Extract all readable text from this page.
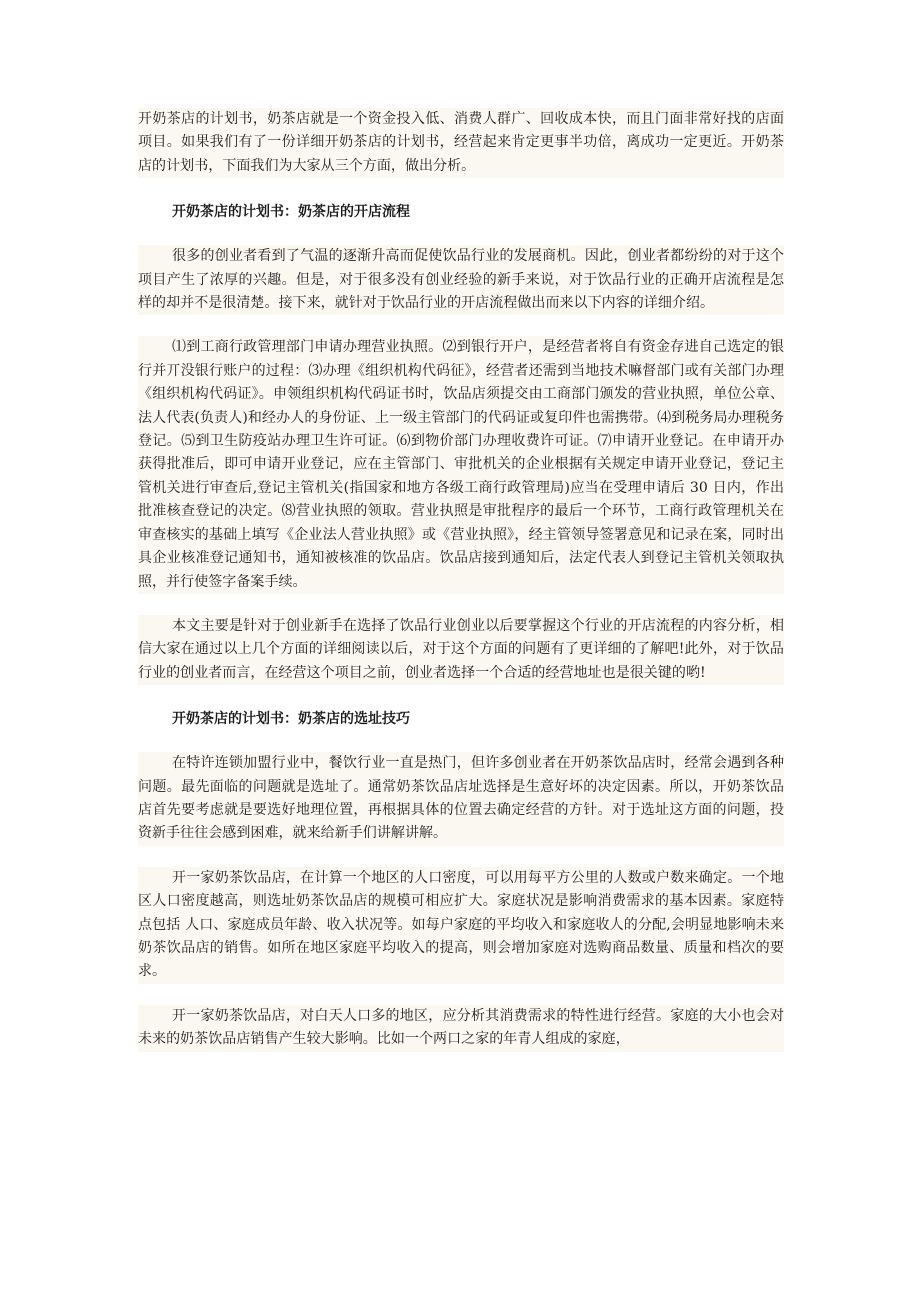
开奶茶店的计划书，奶茶店就是一个资金投入低、消费人群广、回收成本快，而且门面非常好找的店面项目。如果我们有了一份详细开奶茶店的计划书，经营起来肯定更事半功倍，离成功一定更近。开奶茶店的计划书，下面我们为大家从三个方面，做出分析。
开奶茶店的计划书：奶茶店的开店流程
很多的创业者看到了气温的逐渐升高而促使饮品行业的发展商机。因此，创业者都纷纷的对于这个项目产生了浓厚的兴趣。但是，对于很多没有创业经验的新手来说，对于饮品行业的正确开店流程是怎样的却并不是很清楚。接下来，就针对于饮品行业的开店流程做出而来以下内容的详细介绍。
⑴到工商行政管理部门申请办理营业执照。⑵到银行开户，是经营者将自有资金存进自己选定的银行并丌没银行账户的过程：⑶办理《组织机构代码征》，经营者还需到当地技术嘛督部门或有关部门办理《组织机构代码证》。申领组织机构代码证书时，饮品店须提交由工商部门颁发的营业执照，单位公章、法人代表(负责人)和经办人的身份证、上一级主管部门的代码证或复印件也需携带。⑷到税务局办理税务登记。⑸到卫生防疫站办理卫生许可证。⑹到物价部门办理收费许可证。⑺申请开业登记。在申请开办获得批准后，即可申请开业登记，应在主管部门、审批机关的企业根据有关规定申请开业登记，登记主管机关进行审查后,登记主管机关(指国家和地方各级工商行政管理局)应当在受理申请后 30 日内，作出批准核查登记的决定。⑻营业执照的领取。营业执照是审批程序的最后一个环节，工商行政管理机关在审查核实的基础上填写《企业法人营业执照》或《营业执照》，经主管领导签署意见和记录在案，同时出具企业核准登记通知书，通知被核准的饮品店。饮品店接到通知后，法定代表人到登记主管机关领取执照，并行使签字备案手续。
本文主要是针对于创业新手在选择了饮品行业创业以后要掌握这个行业的开店流程的内容分析，相信大家在通过以上几个方面的详细阅读以后，对于这个方面的问题有了更详细的了解吧!此外，对于饮品行业的创业者而言，在经营这个项目之前，创业者选择一个合适的经营地址也是很关键的哟!
开奶茶店的计划书：奶茶店的选址技巧
在特许连锁加盟行业中，餐饮行业一直是热门，但许多创业者在开奶茶饮品店时，经常会遇到各种问题。最先面临的问题就是选址了。通常奶茶饮品店址选择是生意好坏的决定因素。所以，开奶茶饮品店首先要考虑就是要选好地理位置，再根据具体的位置去确定经营的方针。对于选址这方面的问题，投资新手往往会感到困难，就来给新手们讲解讲解。
开一家奶茶饮品店，在计算一个地区的人口密度，可以用每平方公里的人数或户数来确定。一个地区人口密度越高，则选址奶茶饮品店的规模可相应扩大。家庭状况是影响消费需求的基本因素。家庭特点包括 人口、家庭成员年龄、收入状况等。如每户家庭的平均收入和家庭收人的分配,会明显地影响未来奶茶饮品店的销售。如所在地区家庭平均收入的提高，则会增加家庭对选购商品数量、质量和档次的要求。
开一家奶茶饮品店，对白天人口多的地区，应分析其消费需求的特性进行经营。家庭的大小也会对未来的奶茶饮品店销售产生较大影响。比如一个两口之家的年青人组成的家庭，
